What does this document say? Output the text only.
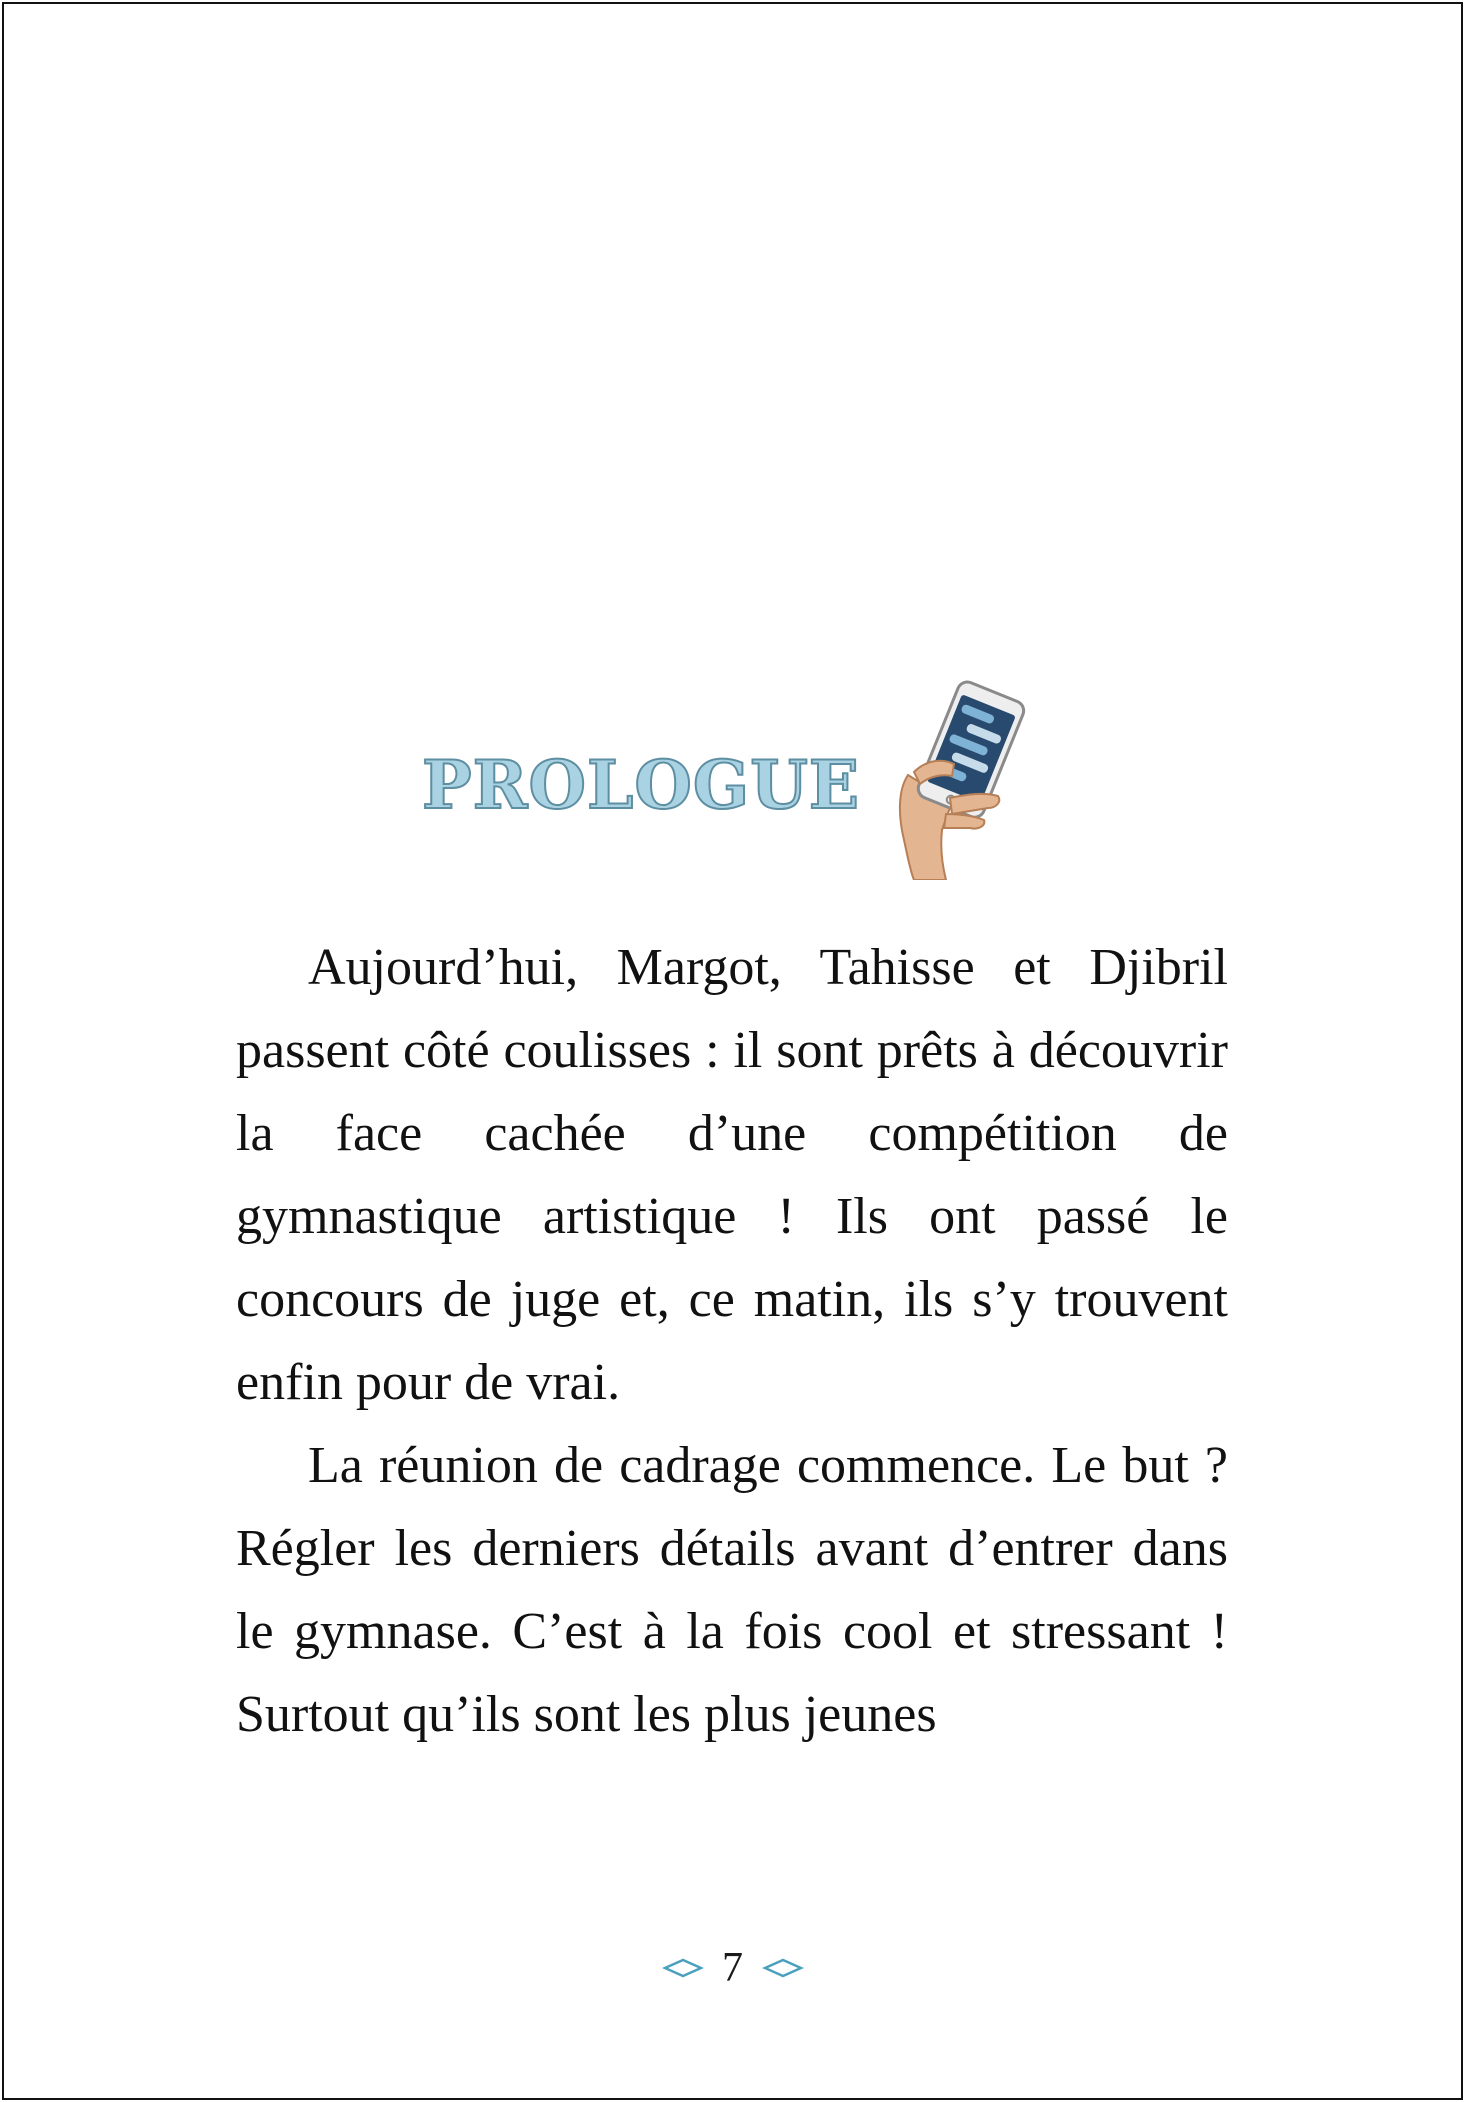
PROLOGUE

Aujourd’hui, Margot, Tahisse et Djibril passent côté coulisses : il sont prêts à découvrir la face cachée d’une compétition de gymnastique artistique ! Ils ont passé le concours de juge et, ce matin, ils s’y trouvent enfin pour de vrai.

La réunion de cadrage commence. Le but ? Régler les derniers détails avant d’entrer dans le gymnase. C’est à la fois cool et stressant ! Surtout qu’ils sont les plus jeunes

7
